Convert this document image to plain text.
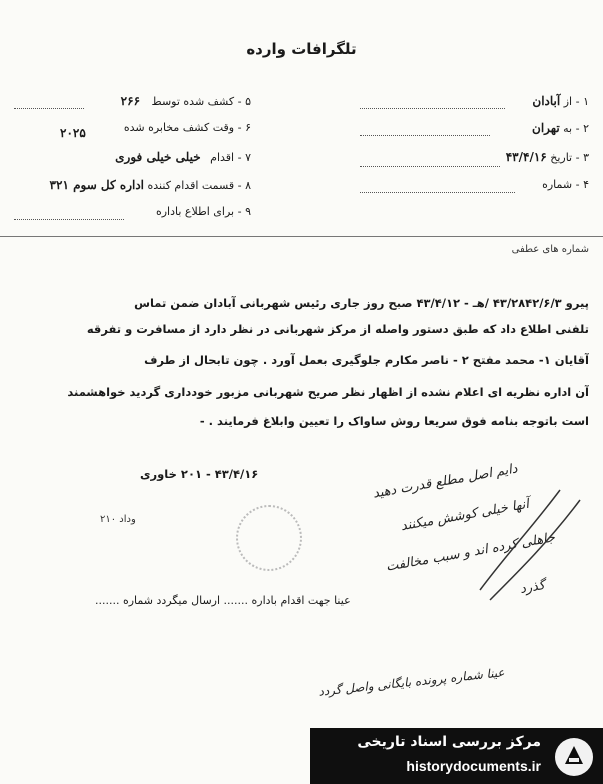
تلگرافات وارده
۱ - از آبادان
۲ - به تهران
۳ - تاریخ ۴۳/۴/۱۶
۴ - شماره
۵ - کشف شده توسط ۲۶۶
۶ - وقت کشف مخابره شده
۲۰۲۵
۷ - اقدام خیلی خیلی فوری
۸ - قسمت اقدام کننده اداره کل سوم ۳۲۱
۹ - برای اطلاع باداره
شماره های عطفی
پیرو ۴۳/۲۸۴۲/۶/۳ /هـ - ۴۳/۴/۱۲ صبح روز جاری رئیس شهربانی آبادان ضمن تماس
تلفنی اطلاع داد که طبق دستور واصله از مرکز شهربانی در نظر دارد از مسافرت و تفرقه
آقایان ۱- محمد مفتح ۲ - ناصر مکارم جلوگیری بعمل آورد . چون تابحال از طرف
آن اداره نظریه ای اعلام نشده از اظهار نظر صریح شهربانی مزبور خودداری گردید خواهشمند
است باتوجه بنامه فوق سریعا روش ساواک را تعیین وابلاغ فرمایند . -
۴۳/۴/۱۶ - ۲۰۱ خاوری
وداد ۲۱۰
عینا جهت اقدام باداره ....... ارسال میگردد شماره .......
دایم اصل مطلع قدرت دهید
آنها خیلی کوشش میکنند
جاهلی کرده اند و سبب مخالفت
گذرد
عینا شماره پرونده بایگانی واصل گردد
مرکز بررسی اسناد تاریخی
historydocuments.ir
